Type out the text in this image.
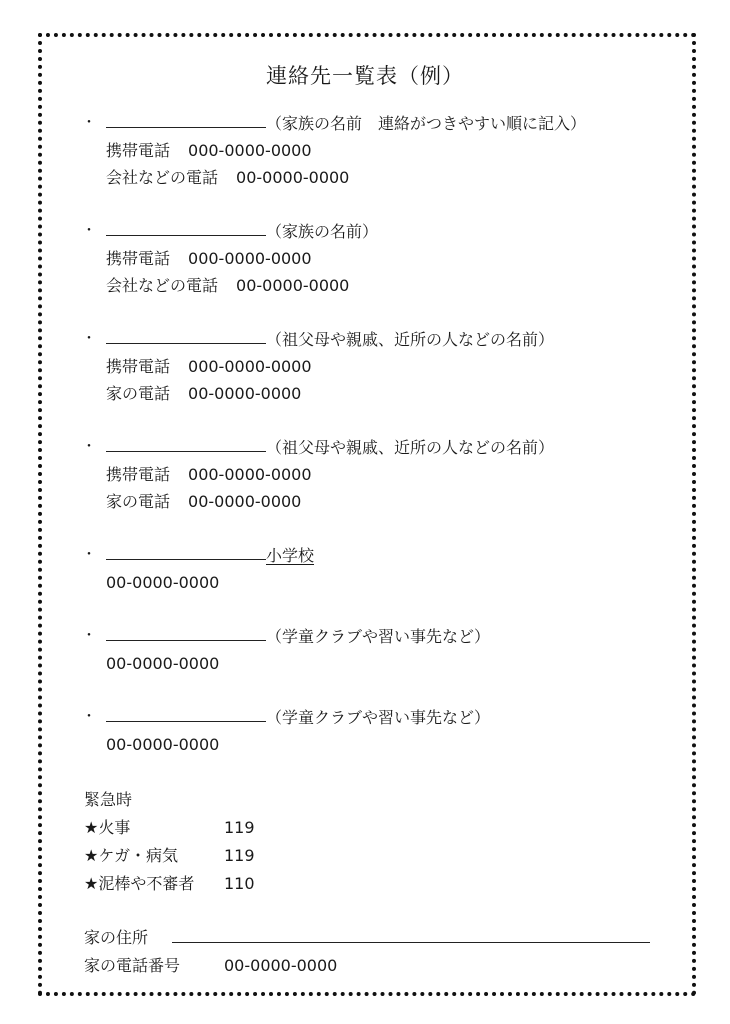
連絡先一覧表（例）
・	（家族の名前　連絡がつきやすい順に記入）
携帯電話 000-0000-0000
会社などの電話 00-0000-0000
・	（家族の名前）
携帯電話 000-0000-0000
会社などの電話 00-0000-0000
・	（祖父母や親戚、近所の人などの名前）
携帯電話 000-0000-0000
家の電話 00-0000-0000
・	（祖父母や親戚、近所の人などの名前）
携帯電話 000-0000-0000
家の電話 00-0000-0000
・	小学校
00-0000-0000
・	（学童クラブや習い事先など）
00-0000-0000
・	（学童クラブや習い事先など）
00-0000-0000
緊急時
★火事	119
★ケガ・病気	119
★泥棒や不審者 110
家の住所
家の電話番号	00-0000-0000
